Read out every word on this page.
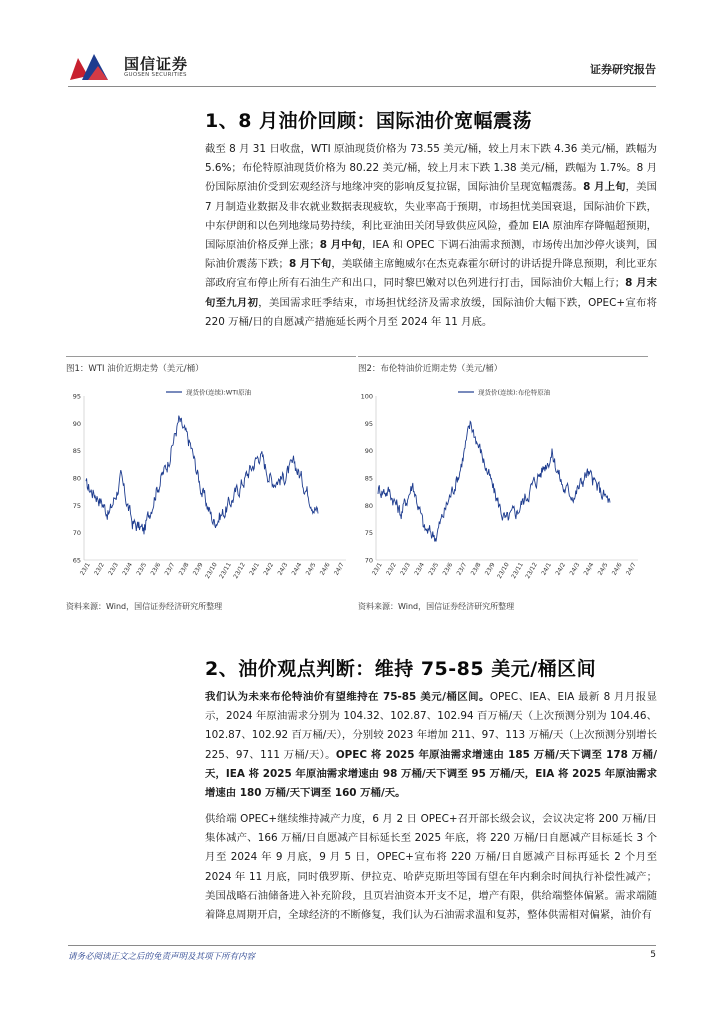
国信证券
GUOSEN SECURITIES	证券研究报告
1、8 月油价回顾：国际油价宽幅震荡
截至 8 月 31 日收盘，WTI 原油现货价格为 73.55 美元/桶，较上月末下跌 4.36 美元/桶，跌幅为 5.6%；布伦特原油现货价格为 80.22 美元/桶，较上月末下跌 1.38 美元/桶，跌幅为 1.7%。8 月份国际原油价受到宏观经济与地缘冲突的影响反复拉锯，国际油价呈现宽幅震荡。8 月上旬，美国 7 月制造业数据及非农就业数据表现疲软，失业率高于预期，市场担忧美国衰退，国际油价下跌，中东伊朗和以色列地缘局势持续，利比亚油田关闭导致供应风险，叠加 EIA 原油库存降幅超预期，国际原油价格反弹上涨；8 月中旬，IEA 和 OPEC 下调石油需求预测，市场传出加沙停火谈判，国际油价震荡下跌；8 月下旬，美联储主席鲍威尔在杰克森霍尔研讨的讲话提升降息预期，利比亚东部政府宣布停止所有石油生产和出口，同时黎巴嫩对以色列进行打击，国际油价大幅上行；8 月末旬至九月初，美国需求旺季结束，市场担忧经济及需求放缓，国际油价大幅下跌，OPEC+宣布将 220 万桶/日的自愿减产措施延长两个月至 2024 年 11 月底。
图1：WTI 油价近期走势（美元/桶）
65
70
75
80
85
90
95
23/1 23/2 23/3 23/4 23/5 23/6 23/7 23/8 23/9 23/10 23/11 23/12 24/1 24/2 24/3 24/4 24/5 24/6 24/7
现货价(连续):WTI原油
资料来源：Wind，国信证券经济研究所整理
图2：布伦特油价近期走势（美元/桶）
70
75
80
85
90
95
100
23/1 23/2 23/3 23/4 23/5 23/6 23/7 23/8 23/9 23/10 23/11 23/12 24/1 24/2 24/3 24/4 24/5 24/6 24/7
现货价(连续):布伦特原油
资料来源：Wind，国信证券经济研究所整理
2、油价观点判断：维持 75-85 美元/桶区间
我们认为未来布伦特油价有望维持在 75-85 美元/桶区间。OPEC、IEA、EIA 最新 8 月月报显示，2024 年原油需求分别为 104.32、102.87、102.94 百万桶/天（上次预测分别为 104.46、102.87、102.92 百万桶/天），分别较 2023 年增加 211、97、113 万桶/天（上次预测分别增长 225、97、111 万桶/天）。OPEC 将 2025 年原油需求增速由 185 万桶/天下调至 178 万桶/天，IEA 将 2025 年原油需求增速由 98 万桶/天下调至 95 万桶/天，EIA 将 2025 年原油需求增速由 180 万桶/天下调至 160 万桶/天。
供给端 OPEC+继续维持减产力度，6 月 2 日 OPEC+召开部长级会议，会议决定将 200 万桶/日集体减产、166 万桶/日自愿减产目标延长至 2025 年底，将 220 万桶/日自愿减产目标延长 3 个月至 2024 年 9 月底，9 月 5 日，OPEC+宣布将 220 万桶/日自愿减产目标再延长 2 个月至 2024 年 11 月底，同时俄罗斯、伊拉克、哈萨克斯坦等国有望在年内剩余时间执行补偿性减产；美国战略石油储备进入补充阶段，且页岩油资本开支不足，增产有限，供给端整体偏紧。需求端随着降息周期开启，全球经济的不断修复，我们认为石油需求温和复苏，整体供需相对偏紧，油价有
请务必阅读正文之后的免责声明及其项下所有内容	5
